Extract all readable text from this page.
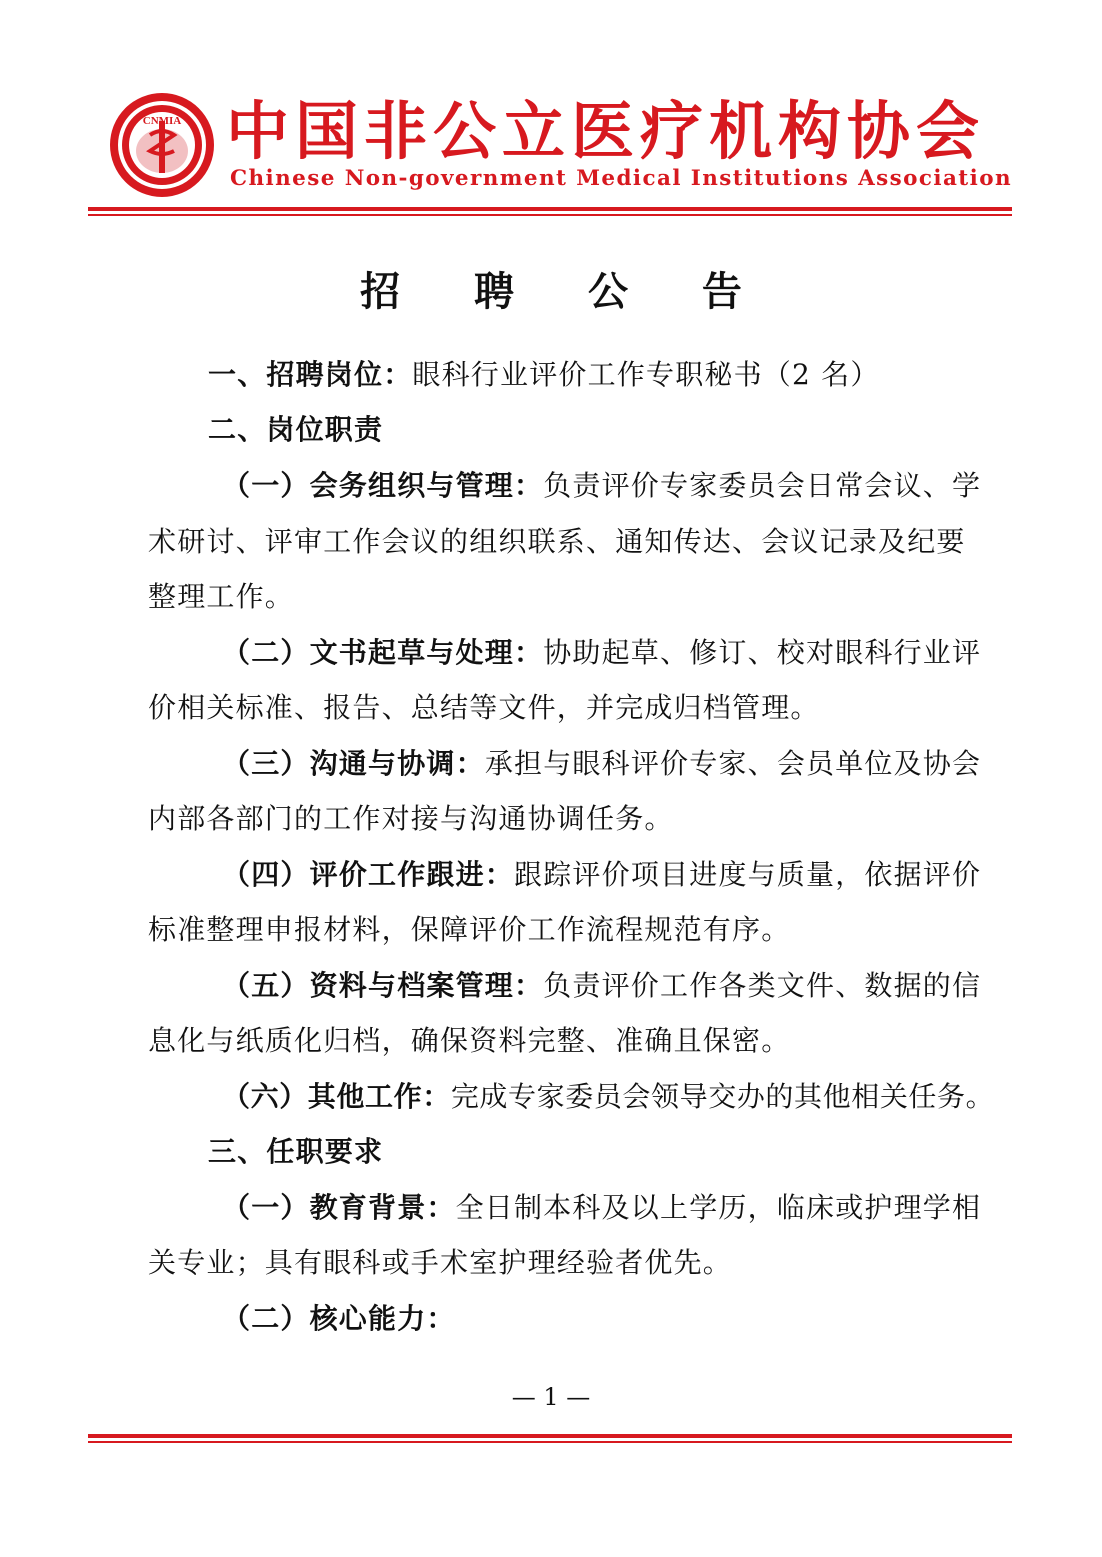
CNMIA 中国非公立医疗机构协会
Chinese Non-government Medical Institutions Association
招 聘 公 告
一、招聘岗位：眼科行业评价工作专职秘书（2 名）
二、岗位职责
（一）会务组织与管理：负责评价专家委员会日常会议、学
术研讨、评审工作会议的组织联系、通知传达、会议记录及纪要
整理工作。
（二）文书起草与处理：协助起草、修订、校对眼科行业评
价相关标准、报告、总结等文件，并完成归档管理。
（三）沟通与协调：承担与眼科评价专家、会员单位及协会
内部各部门的工作对接与沟通协调任务。
（四）评价工作跟进：跟踪评价项目进度与质量，依据评价
标准整理申报材料，保障评价工作流程规范有序。
（五）资料与档案管理：负责评价工作各类文件、数据的信
息化与纸质化归档，确保资料完整、准确且保密。
（六）其他工作：完成专家委员会领导交办的其他相关任务。
三、任职要求
（一）教育背景：全日制本科及以上学历，临床或护理学相
关专业；具有眼科或手术室护理经验者优先。
（二）核心能力：
— 1 —
